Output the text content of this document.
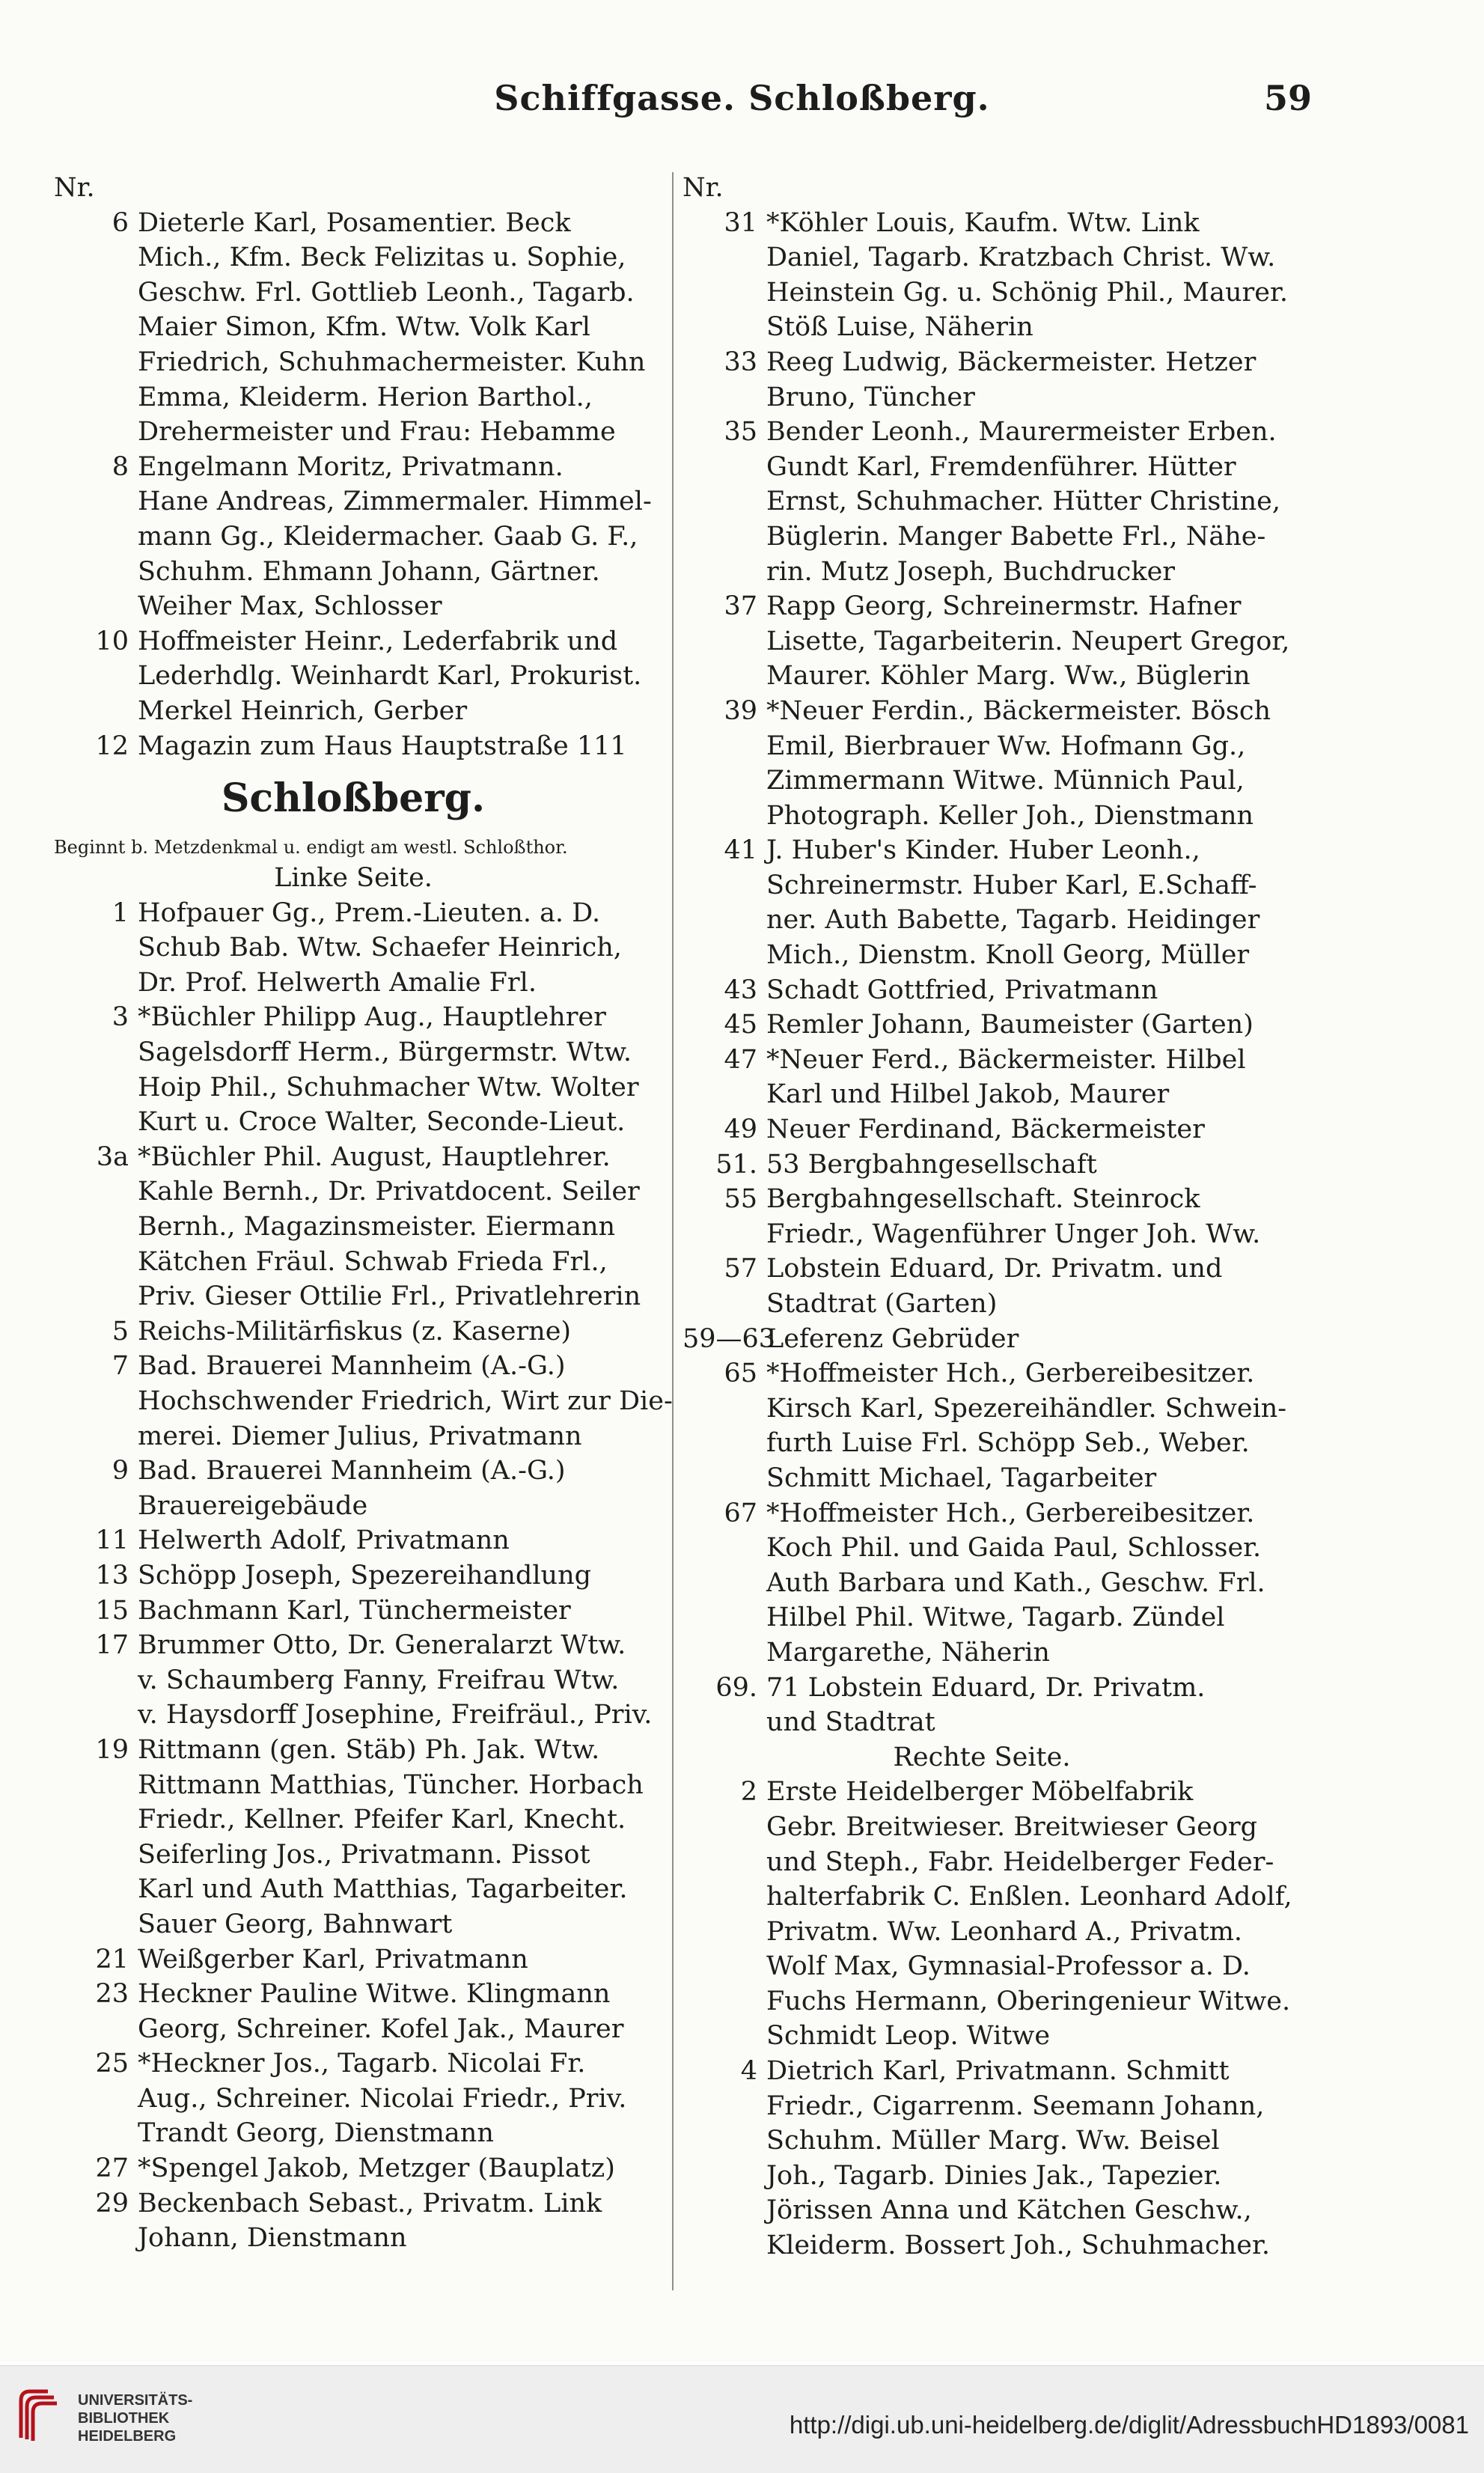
Schiffgasse. Schloßberg.	59
Nr.
6 Dieterle Karl, Posamentier. Beck
Mich., Kfm. Beck Felizitas u. Sophie,
Geschw. Frl. Gottlieb Leonh., Tagarb.
Maier Simon, Kfm. Wtw. Volk Karl
Friedrich, Schuhmachermeister. Kuhn
Emma, Kleiderm. Herion Barthol.,
Drehermeister und Frau: Hebamme
8 Engelmann Moritz, Privatmann.
Hane Andreas, Zimmermaler. Himmel-
mann Gg., Kleidermacher. Gaab G. F.,
Schuhm. Ehmann Johann, Gärtner.
Weiher Max, Schlosser
10 Hoffmeister Heinr., Lederfabrik und
Lederhdlg. Weinhardt Karl, Prokurist.
Merkel Heinrich, Gerber
12 Magazin zum Haus Hauptstraße 111
Schloßberg.
Beginnt b. Metzdenkmal u. endigt am westl. Schloßthor.
Linke Seite.
1 Hofpauer Gg., Prem.-Lieuten. a. D.
Schub Bab. Wtw. Schaefer Heinrich,
Dr. Prof. Helwerth Amalie Frl.
3 *Büchler Philipp Aug., Hauptlehrer
Sagelsdorff Herm., Bürgermstr. Wtw.
Hoip Phil., Schuhmacher Wtw. Wolter
Kurt u. Croce Walter, Seconde-Lieut.
3a *Büchler Phil. August, Hauptlehrer.
Kahle Bernh., Dr. Privatdocent. Seiler
Bernh., Magazinsmeister. Eiermann
Kätchen Fräul. Schwab Frieda Frl.,
Priv. Gieser Ottilie Frl., Privatlehrerin
5 Reichs-Militärfiskus (z. Kaserne)
7 Bad. Brauerei Mannheim (A.-G.)
Hochschwender Friedrich, Wirt zur Die-
merei. Diemer Julius, Privatmann
9 Bad. Brauerei Mannheim (A.-G.)
Brauereigebäude
11 Helwerth Adolf, Privatmann
13 Schöpp Joseph, Spezereihandlung
15 Bachmann Karl, Tünchermeister
17 Brummer Otto, Dr. Generalarzt Wtw.
v. Schaumberg Fanny, Freifrau Wtw.
v. Haysdorff Josephine, Freifräul., Priv.
19 Rittmann (gen. Stäb) Ph. Jak. Wtw.
Rittmann Matthias, Tüncher. Horbach
Friedr., Kellner. Pfeifer Karl, Knecht.
Seiferling Jos., Privatmann. Pissot
Karl und Auth Matthias, Tagarbeiter.
Sauer Georg, Bahnwart
21 Weißgerber Karl, Privatmann
23 Heckner Pauline Witwe. Klingmann
Georg, Schreiner. Kofel Jak., Maurer
25 *Heckner Jos., Tagarb. Nicolai Fr.
Aug., Schreiner. Nicolai Friedr., Priv.
Trandt Georg, Dienstmann
27 *Spengel Jakob, Metzger (Bauplatz)
29 Beckenbach Sebast., Privatm. Link
Johann, Dienstmann
Nr.
31 *Köhler Louis, Kaufm. Wtw. Link
Daniel, Tagarb. Kratzbach Christ. Ww.
Heinstein Gg. u. Schönig Phil., Maurer.
Stöß Luise, Näherin
33 Reeg Ludwig, Bäckermeister. Hetzer
Bruno, Tüncher
35 Bender Leonh., Maurermeister Erben.
Gundt Karl, Fremdenführer. Hütter
Ernst, Schuhmacher. Hütter Christine,
Büglerin. Manger Babette Frl., Nähe-
rin. Mutz Joseph, Buchdrucker
37 Rapp Georg, Schreinermstr. Hafner
Lisette, Tagarbeiterin. Neupert Gregor,
Maurer. Köhler Marg. Ww., Büglerin
39 *Neuer Ferdin., Bäckermeister. Bösch
Emil, Bierbrauer Ww. Hofmann Gg.,
Zimmermann Witwe. Münnich Paul,
Photograph. Keller Joh., Dienstmann
41 J. Huber's Kinder. Huber Leonh.,
Schreinermstr. Huber Karl, E.Schaff-
ner. Auth Babette, Tagarb. Heidinger
Mich., Dienstm. Knoll Georg, Müller
43 Schadt Gottfried, Privatmann
45 Remler Johann, Baumeister (Garten)
47 *Neuer Ferd., Bäckermeister. Hilbel
Karl und Hilbel Jakob, Maurer
49 Neuer Ferdinand, Bäckermeister
51. 53 Bergbahngesellschaft
55 Bergbahngesellschaft. Steinrock
Friedr., Wagenführer Unger Joh. Ww.
57 Lobstein Eduard, Dr. Privatm. und
Stadtrat (Garten)
59—63
Leferenz Gebrüder
65 *Hoffmeister Hch., Gerbereibesitzer.
Kirsch Karl, Spezereihändler. Schwein-
furth Luise Frl. Schöpp Seb., Weber.
Schmitt Michael, Tagarbeiter
67 *Hoffmeister Hch., Gerbereibesitzer.
Koch Phil. und Gaida Paul, Schlosser.
Auth Barbara und Kath., Geschw. Frl.
Hilbel Phil. Witwe, Tagarb. Zündel
Margarethe, Näherin
69. 71 Lobstein Eduard, Dr. Privatm.
und Stadtrat
Rechte Seite.
2 Erste Heidelberger Möbelfabrik
Gebr. Breitwieser. Breitwieser Georg
und Steph., Fabr. Heidelberger Feder-
halterfabrik C. Enßlen. Leonhard Adolf,
Privatm. Ww. Leonhard A., Privatm.
Wolf Max, Gymnasial-Professor a. D.
Fuchs Hermann, Oberingenieur Witwe.
Schmidt Leop. Witwe
4 Dietrich Karl, Privatmann. Schmitt
Friedr., Cigarrenm. Seemann Johann,
Schuhm. Müller Marg. Ww. Beisel
Joh., Tagarb. Dinies Jak., Tapezier.
Jörissen Anna und Kätchen Geschw.,
Kleiderm. Bossert Joh., Schuhmacher.
UNIVERSITÄTS-
BIBLIOTHEK
HEIDELBERG	http://digi.ub.uni-heidelberg.de/diglit/AdressbuchHD1893/0081
